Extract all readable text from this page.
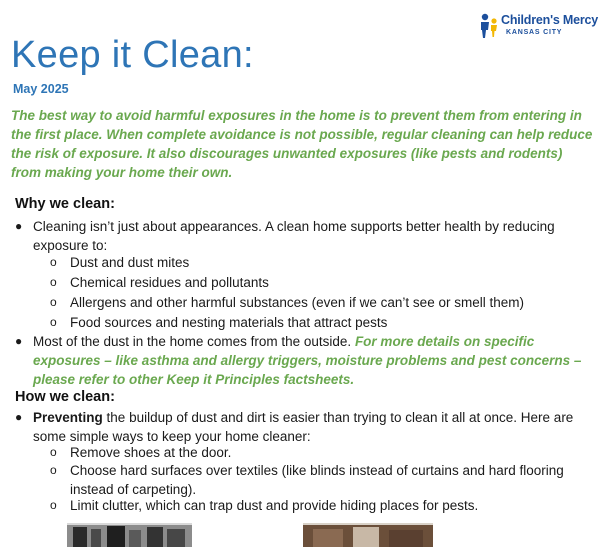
Children's Mercy
KANSAS CITY
Keep it Clean:
May 2025

The best way to avoid harmful exposures in the home is to prevent them from entering in the first place. When complete avoidance is not possible, regular cleaning can help reduce the risk of exposure. It also discourages unwanted exposures (like pests and rodents) from making your home their own.

Why we clean:
● Cleaning isn’t just about appearances. A clean home supports better health by reducing exposure to:
o Dust and dust mites
o Chemical residues and pollutants
o Allergens and other harmful substances (even if we can’t see or smell them)
o Food sources and nesting materials that attract pests
● Most of the dust in the home comes from the outside. For more details on specific exposures – like asthma and allergy triggers, moisture problems and pest concerns – please refer to other Keep it Principles factsheets.
How we clean:
● Preventing the buildup of dust and dirt is easier than trying to clean it all at once. Here are some simple ways to keep your home cleaner:
o Remove shoes at the door.
o Choose hard surfaces over textiles (like blinds instead of curtains and hard flooring instead of carpeting).
o Limit clutter, which can trap dust and provide hiding places for pests.
